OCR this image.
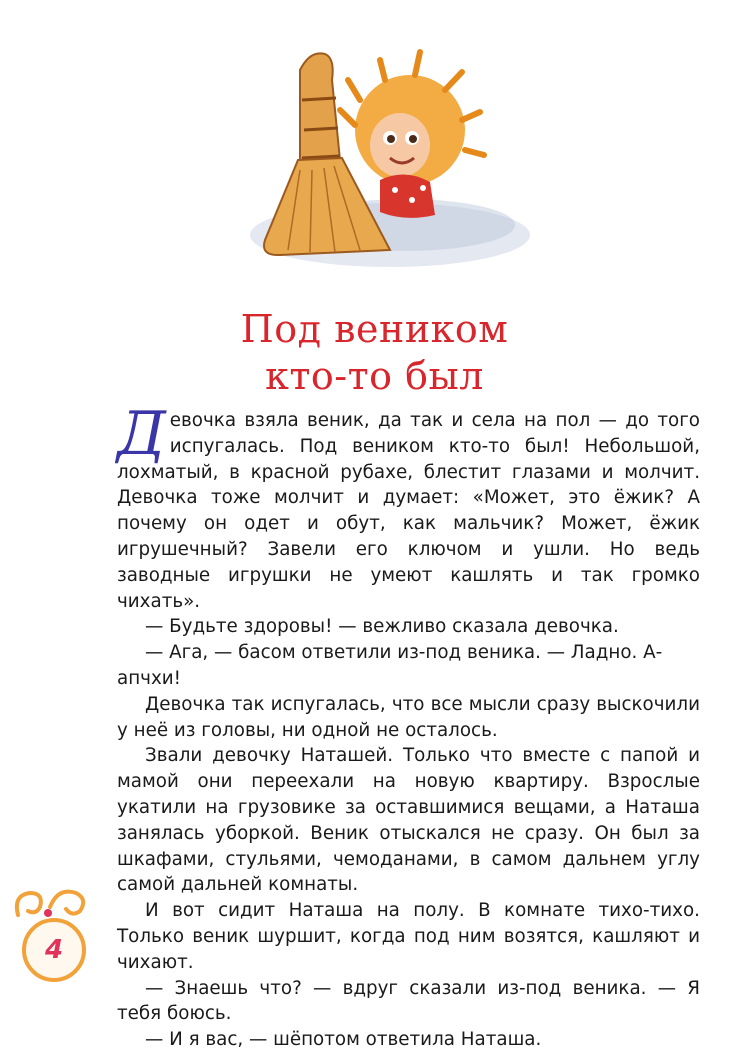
Под веником
кто-то был

Девочка взяла веник, да так и села на пол — до того испугалась. Под веником кто-то был! Небольшой, лохматый, в красной рубахе, блестит глазами и молчит. Девочка тоже молчит и думает: «Может, это ёжик? А почему он одет и обут, как мальчик? Может, ёжик игрушечный? Завели его ключом и ушли. Но ведь заводные игрушки не умеют кашлять и так громко чихать».

— Будьте здоровы! — вежливо сказала девочка.

— Ага, — басом ответили из-под веника. — Ладно. А-апчхи!

Девочка так испугалась, что все мысли сразу выскочили у неё из головы, ни одной не осталось.

Звали девочку Наташей. Только что вместе с папой и мамой они переехали на новую квартиру. Взрослые укатили на грузовике за оставшимися вещами, а Наташа занялась уборкой. Веник отыскался не сразу. Он был за шкафами, стульями, чемоданами, в самом дальнем углу самой дальней комнаты.

И вот сидит Наташа на полу. В комнате тихо-тихо. Только веник шуршит, когда под ним возятся, кашляют и чихают.

— Знаешь что? — вдруг сказали из-под веника. — Я тебя боюсь.

— И я вас, — шёпотом ответила Наташа.

4
